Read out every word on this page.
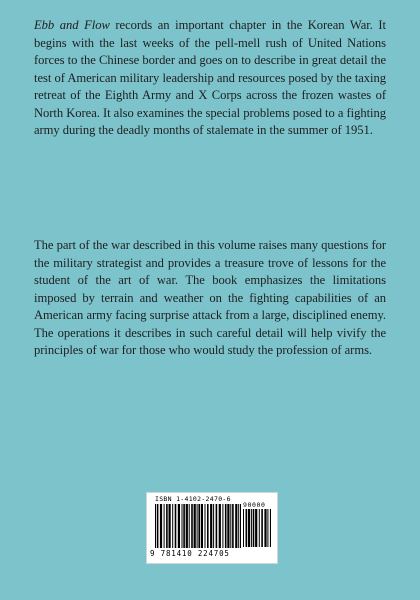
Ebb and Flow records an important chapter in the Korean War. It begins with the last weeks of the pell-mell rush of United Nations forces to the Chinese border and goes on to describe in great detail the test of American military leadership and resources posed by the taxing retreat of the Eighth Army and X Corps across the frozen wastes of North Korea. It also examines the special problems posed to a fighting army during the deadly months of stalemate in the summer of 1951.

The part of the war described in this volume raises many questions for the military strategist and provides a treasure trove of lessons for the student of the art of war. The book emphasizes the limitations imposed by terrain and weather on the fighting capabilities of an American army facing surprise attack from a large, disciplined enemy. The operations it describes in such careful detail will help vivify the principles of war for those who would study the profession of arms.

ISBN 1-4102-2470-6
90000
9 781410 224705
